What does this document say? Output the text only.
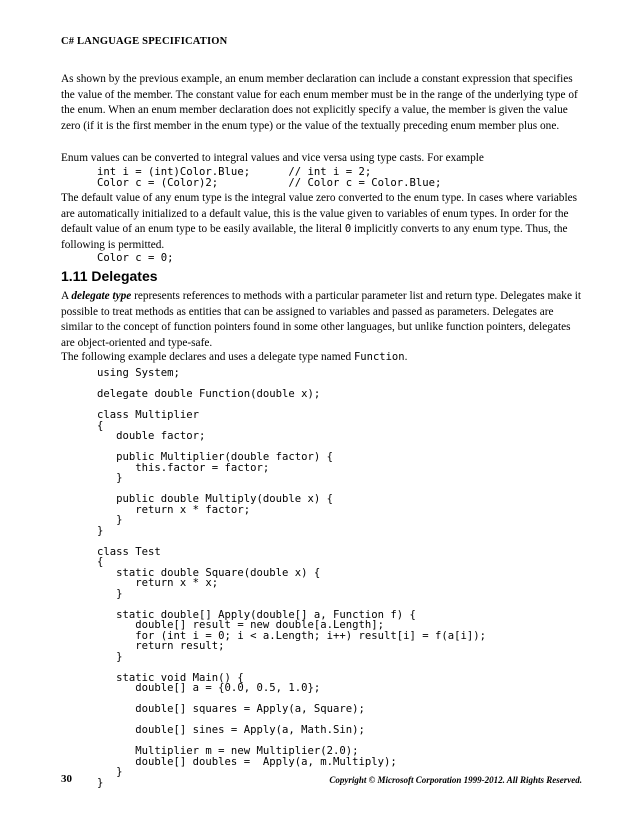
C# LANGUAGE SPECIFICATION

As shown by the previous example, an enum member declaration can include a constant expression that specifies the value of the member. The constant value for each enum member must be in the range of the underlying type of the enum. When an enum member declaration does not explicitly specify a value, the member is given the value zero (if it is the first member in the enum type) or the value of the textually preceding enum member plus one.

Enum values can be converted to integral values and vice versa using type casts. For example

int i = (int)Color.Blue;      // int i = 2;
Color c = (Color)2;           // Color c = Color.Blue;

The default value of any enum type is the integral value zero converted to the enum type. In cases where variables are automatically initialized to a default value, this is the value given to variables of enum types. In order for the default value of an enum type to be easily available, the literal 0 implicitly converts to any enum type. Thus, the following is permitted.

Color c = 0;
1.11 Delegates

A delegate type represents references to methods with a particular parameter list and return type. Delegates make it possible to treat methods as entities that can be assigned to variables and passed as parameters. Delegates are similar to the concept of function pointers found in some other languages, but unlike function pointers, delegates are object-oriented and type-safe.

The following example declares and uses a delegate type named Function.

using System;

delegate double Function(double x);

class Multiplier
{
double factor;

public Multiplier(double factor) {
this.factor = factor;
}

public double Multiply(double x) {
return x * factor;
}
}

class Test
{
static double Square(double x) {
return x * x;
}

static double[] Apply(double[] a, Function f) {
double[] result = new double[a.Length];
for (int i = 0; i < a.Length; i++) result[i] = f(a[i]);
return result;
}

static void Main() {
double[] a = {0.0, 0.5, 1.0};

double[] squares = Apply(a, Square);

double[] sines = Apply(a, Math.Sin);

Multiplier m = new Multiplier(2.0);
double[] doubles =  Apply(a, m.Multiply);
}
}
30	Copyright © Microsoft Corporation 1999-2012. All Rights Reserved.
